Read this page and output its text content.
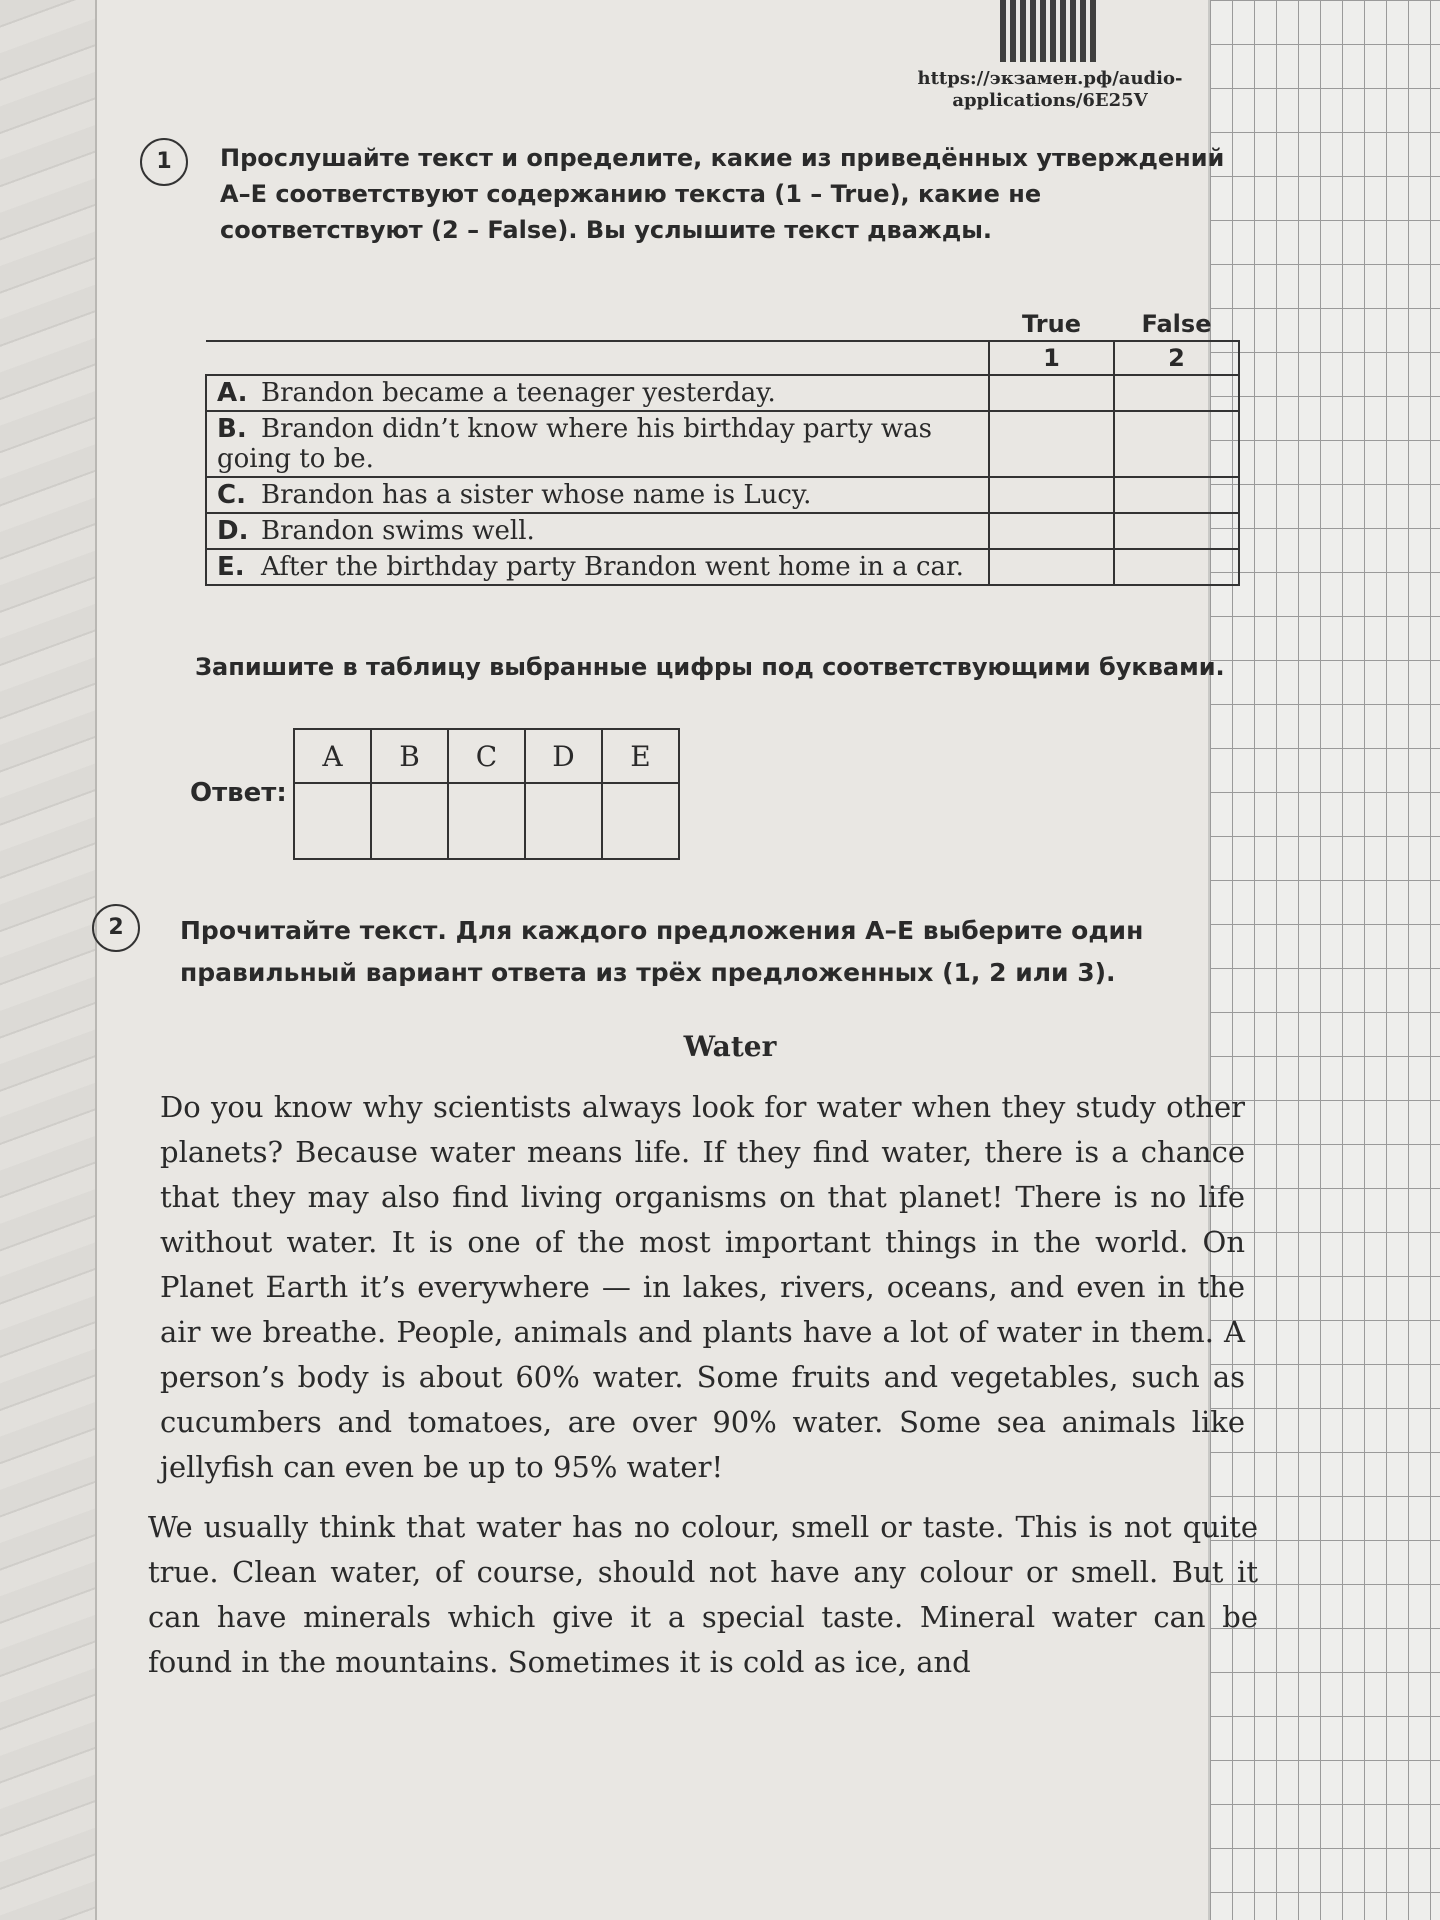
https://экзамен.рф/audio-
applications/6E25V
1	Прослушайте текст и определите, какие из приведённых утверждений А–Е соответствуют содержанию текста (1 – True), какие не соответствуют (2 – False). Вы услышите текст дважды.
	True	False
	1	2
A. Brandon became a teenager yesterday.		
B. Brandon didn’t know where his birthday party was going to be.		
C. Brandon has a sister whose name is Lucy.		
D. Brandon swims well.		
E. After the birthday party Brandon went home in a car.		
Запишите в таблицу выбранные цифры под соответствующими буквами.
Ответ:
A	B	C	D	E

2	Прочитайте текст. Для каждого предложения А–Е выберите один правильный вариант ответа из трёх предложенных (1, 2 или 3).
Water
Do you know why scientists always look for water when they study other planets? Because water means life. If they find water, there is a chance that they may also find living organisms on that planet! There is no life without water. It is one of the most important things in the world. On Planet Earth it’s everywhere — in lakes, rivers, oceans, and even in the air we breathe. People, animals and plants have a lot of water in them. A person’s body is about 60% water. Some fruits and vegetables, such as cucumbers and tomatoes, are over 90% water. Some sea animals like jellyfish can even be up to 95% water!
We usually think that water has no colour, smell or taste. This is not quite true. Clean water, of course, should not have any colour or smell. But it can have minerals which give it a special taste. Mineral water can be found in the mountains. Sometimes it is cold as ice, and
